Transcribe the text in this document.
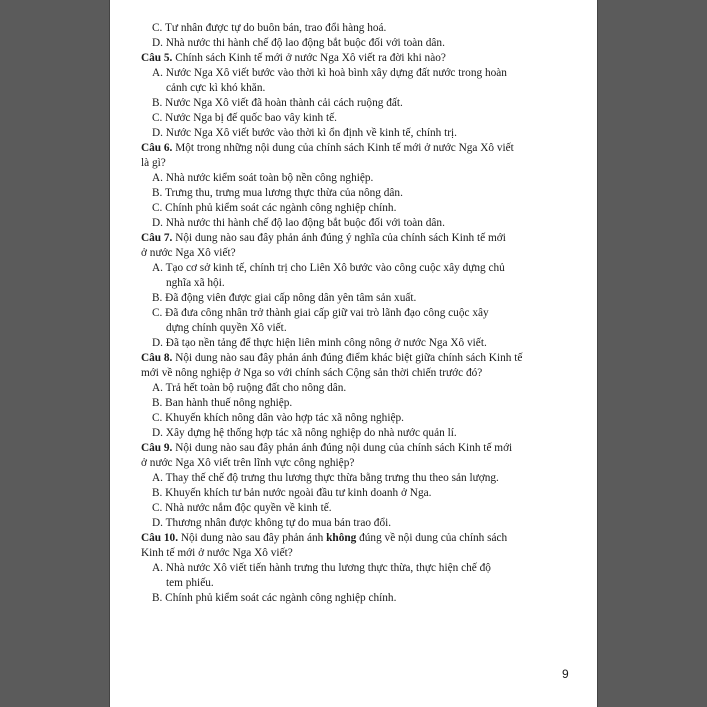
C. Tư nhân được tự do buôn bán, trao đổi hàng hoá.
D. Nhà nước thi hành chế độ lao động bắt buộc đối với toàn dân.
Câu 5. Chính sách Kinh tế mới ở nước Nga Xô viết ra đời khi nào?
A. Nước Nga Xô viết bước vào thời kì hoà bình xây dựng đất nước trong hoàn
cảnh cực kì khó khăn.
B. Nước Nga Xô viết đã hoàn thành cải cách ruộng đất.
C. Nước Nga bị đế quốc bao vây kinh tế.
D. Nước Nga Xô viết bước vào thời kì ổn định về kinh tế, chính trị.
Câu 6. Một trong những nội dung của chính sách Kinh tế mới ở nước Nga Xô viết
là gì?
A. Nhà nước kiểm soát toàn bộ nền công nghiệp.
B. Trưng thu, trưng mua lương thực thừa của nông dân.
C. Chính phủ kiểm soát các ngành công nghiệp chính.
D. Nhà nước thi hành chế độ lao động bắt buộc đối với toàn dân.
Câu 7. Nội dung nào sau đây phản ánh đúng ý nghĩa của chính sách Kinh tế mới
ở nước Nga Xô viết?
A. Tạo cơ sở kinh tế, chính trị cho Liên Xô bước vào công cuộc xây dựng chủ
nghĩa xã hội.
B. Đã động viên được giai cấp nông dân yên tâm sản xuất.
C. Đã đưa công nhân trở thành giai cấp giữ vai trò lãnh đạo công cuộc xây
dựng chính quyền Xô viết.
D. Đã tạo nền tảng để thực hiện liên minh công nông ở nước Nga Xô viết.
Câu 8. Nội dung nào sau đây phản ánh đúng điểm khác biệt giữa chính sách Kinh tế
mới về nông nghiệp ở Nga so với chính sách Cộng sản thời chiến trước đó?
A. Trả hết toàn bộ ruộng đất cho nông dân.
B. Ban hành thuế nông nghiệp.
C. Khuyến khích nông dân vào hợp tác xã nông nghiệp.
D. Xây dựng hệ thống hợp tác xã nông nghiệp do nhà nước quản lí.
Câu 9. Nội dung nào sau đây phản ánh đúng nội dung của chính sách Kinh tế mới
ở nước Nga Xô viết trên lĩnh vực công nghiệp?
A. Thay thế chế độ trưng thu lương thực thừa bằng trưng thu theo sản lượng.
B. Khuyến khích tư bản nước ngoài đầu tư kinh doanh ở Nga.
C. Nhà nước nắm độc quyền về kinh tế.
D. Thương nhân được không tự do mua bán trao đổi.
Câu 10. Nội dung nào sau đây phản ánh không đúng về nội dung của chính sách
Kinh tế mới ở nước Nga Xô viết?
A. Nhà nước Xô viết tiến hành trưng thu lương thực thừa, thực hiện chế độ
tem phiếu.
B. Chính phủ kiểm soát các ngành công nghiệp chính.
9
